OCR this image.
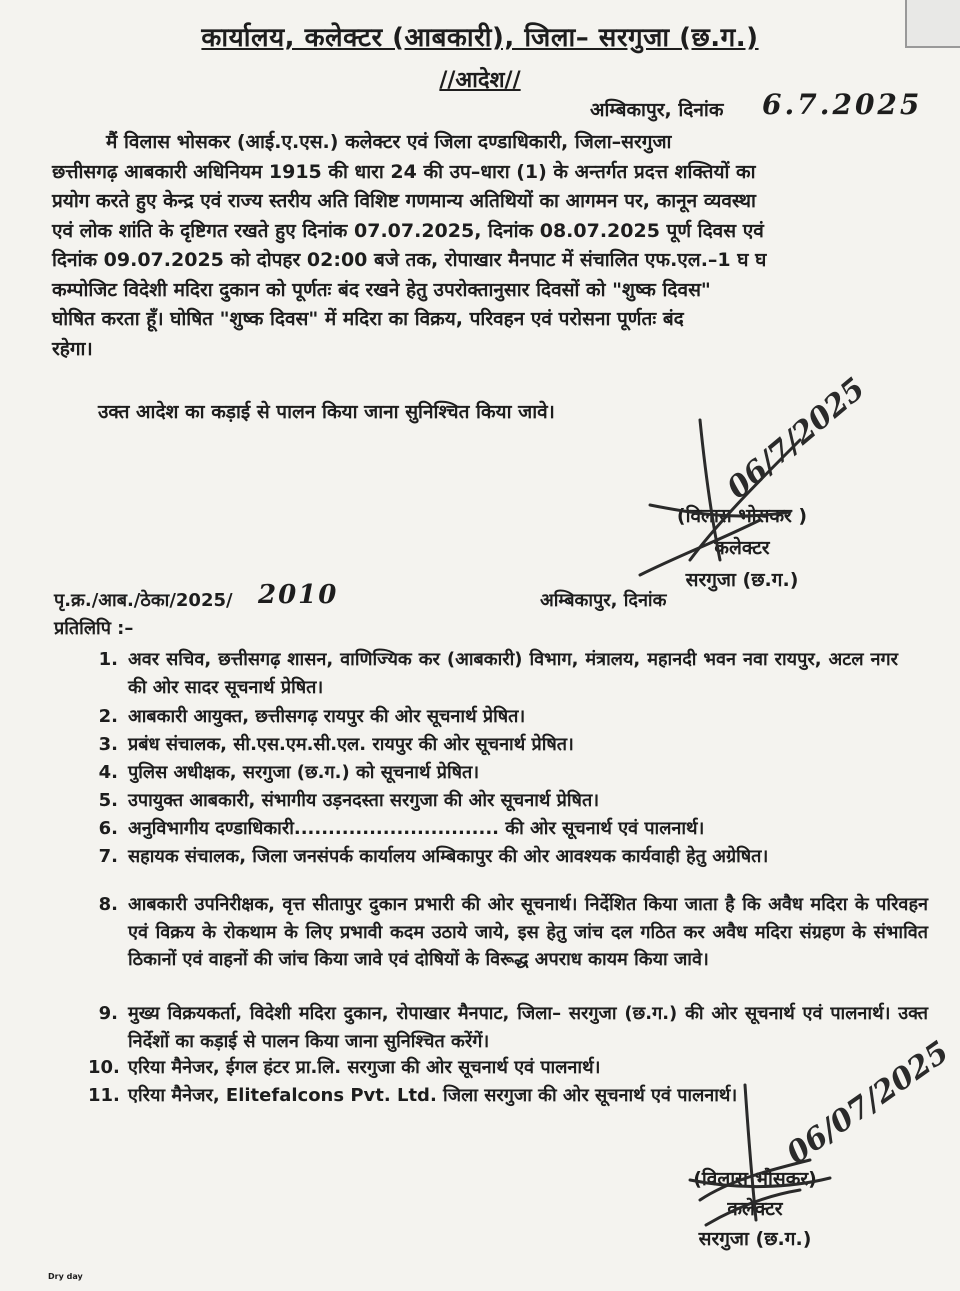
कार्यालय, कलेक्टर (आबकारी), जिला– सरगुजा (छ.ग.)
//आदेश//
अम्बिकापुर, दिनांक 6.7.2025
मैं विलास भोसकर (आई.ए.एस.) कलेक्टर एवं जिला दण्डाधिकारी, जिला–सरगुजा
छत्तीसगढ़ आबकारी अधिनियम 1915 की धारा 24 की उप–धारा (1) के अन्तर्गत प्रदत्त शक्तियों का
प्रयोग करते हुए केन्द्र एवं राज्य स्तरीय अति विशिष्ट गणमान्य अतिथियों का आगमन पर, कानून व्यवस्था
एवं लोक शांति के दृष्टिगत रखते हुए दिनांक 07.07.2025, दिनांक 08.07.2025 पूर्ण दिवस एवं
दिनांक 09.07.2025 को दोपहर 02:00 बजे तक, रोपाखार मैनपाट में संचालित एफ.एल.–1 घ घ
कम्पोजिट विदेशी मदिरा दुकान को पूर्णतः बंद रखने हेतु उपरोक्तानुसार दिवसों को "शुष्क दिवस"
घोषित करता हूँ। घोषित "शुष्क दिवस" में मदिरा का विक्रय, परिवहन एवं परोसना पूर्णतः बंद
रहेगा।
उक्त आदेश का कड़ाई से पालन किया जाना सुनिश्चित किया जावे।
(विलास भोसकर )
कलेक्टर
सरगुजा (छ.ग.)
पृ.क्र./आब./ठेका/2025/ 2010	अम्बिकापुर, दिनांक
प्रतिलिपि :–
1. अवर सचिव, छत्तीसगढ़ शासन, वाणिज्यिक कर (आबकारी) विभाग, मंत्रालय, महानदी भवन नवा रायपुर, अटल नगर की ओर सादर सूचनार्थ प्रेषित।
2. आबकारी आयुक्त, छत्तीसगढ़ रायपुर की ओर सूचनार्थ प्रेषित।
3. प्रबंध संचालक, सी.एस.एम.सी.एल. रायपुर की ओर सूचनार्थ प्रेषित।
4. पुलिस अधीक्षक, सरगुजा (छ.ग.) को सूचनार्थ प्रेषित।
5. उपायुक्त आबकारी, संभागीय उड़नदस्ता सरगुजा की ओर सूचनार्थ प्रेषित।
6. अनुविभागीय दण्डाधिकारी.............................. की ओर सूचनार्थ एवं पालनार्थ।
7. सहायक संचालक, जिला जनसंपर्क कार्यालय अम्बिकापुर की ओर आवश्यक कार्यवाही हेतु अग्रेषित।
8. आबकारी उपनिरीक्षक, वृत्त सीतापुर दुकान प्रभारी की ओर सूचनार्थ। निर्देशित किया जाता है कि अवैध मदिरा के परिवहन एवं विक्रय के रोकथाम के लिए प्रभावी कदम उठाये जाये, इस हेतु जांच दल गठित कर अवैध मदिरा संग्रहण के संभावित ठिकानों एवं वाहनों की जांच किया जावे एवं दोषियों के विरूद्ध अपराध कायम किया जावे।
9. मुख्य विक्रयकर्ता, विदेशी मदिरा दुकान, रोपाखार मैनपाट, जिला– सरगुजा (छ.ग.) की ओर सूचनार्थ एवं पालनार्थ। उक्त निर्देशों का कड़ाई से पालन किया जाना सुनिश्चित करेंगें।
10. एरिया मैनेजर, ईगल हंटर प्रा.लि. सरगुजा की ओर सूचनार्थ एवं पालनार्थ।
11. एरिया मैनेजर, Elitefalcons Pvt. Ltd. जिला सरगुजा की ओर सूचनार्थ एवं पालनार्थ।
(विलास भोसकर)
कलेक्टर
सरगुजा (छ.ग.)
Dry day
06/7/2025
06/07/2025
